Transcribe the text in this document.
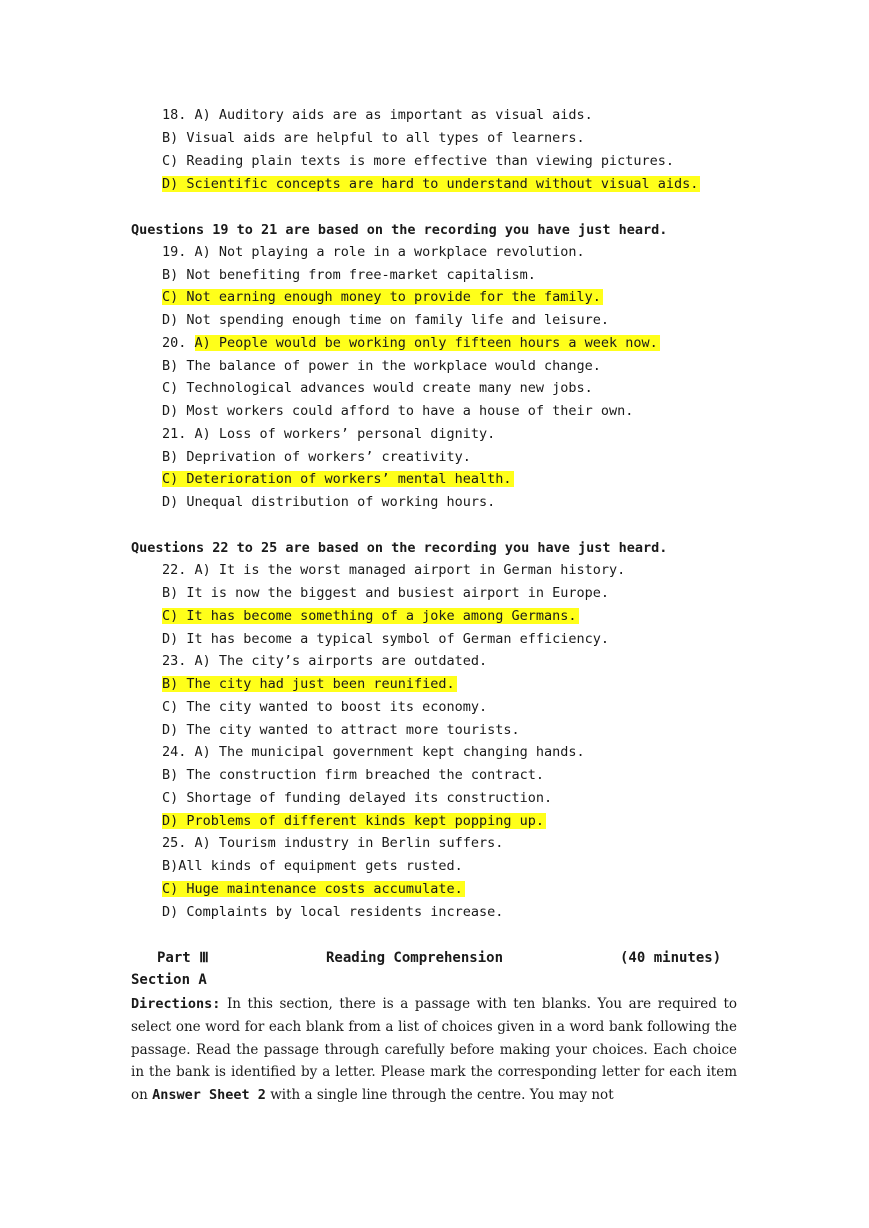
18. A) Auditory aids are as important as visual aids.
B) Visual aids are helpful to all types of learners.
C) Reading plain texts is more effective than viewing pictures.
D) Scientific concepts are hard to understand without visual aids.
Questions 19 to 21 are based on the recording you have just heard.
19. A) Not playing a role in a workplace revolution.
B) Not benefiting from free-market capitalism.
C) Not earning enough money to provide for the family.
D) Not spending enough time on family life and leisure.
20. A) People would be working only fifteen hours a week now.
B) The balance of power in the workplace would change.
C) Technological advances would create many new jobs.
D) Most workers could afford to have a house of their own.
21. A) Loss of workers’ personal dignity.
B) Deprivation of workers’ creativity.
C) Deterioration of workers’ mental health.
D) Unequal distribution of working hours.
Questions 22 to 25 are based on the recording you have just heard.
22. A) It is the worst managed airport in German history.
B) It is now the biggest and busiest airport in Europe.
C) It has become something of a joke among Germans.
D) It has become a typical symbol of German efficiency.
23. A) The city’s airports are outdated.
B) The city had just been reunified.
C) The city wanted to boost its economy.
D) The city wanted to attract more tourists.
24. A) The municipal government kept changing hands.
B) The construction firm breached the contract.
C) Shortage of funding delayed its construction.
D) Problems of different kinds kept popping up.
25. A) Tourism industry in Berlin suffers.
B)All kinds of equipment gets rusted.
C) Huge maintenance costs accumulate.
D) Complaints by local residents increase.
Part Ⅲ	Reading Comprehension	(40 minutes)
Section A
Directions: In this section, there is a passage with ten blanks. You are required to select one word for each blank from a list of choices given in a word bank following the passage. Read the passage through carefully before making your choices. Each choice in the bank is identified by a letter. Please mark the corresponding letter for each item on Answer Sheet 2 with a single line through the centre. You may not
